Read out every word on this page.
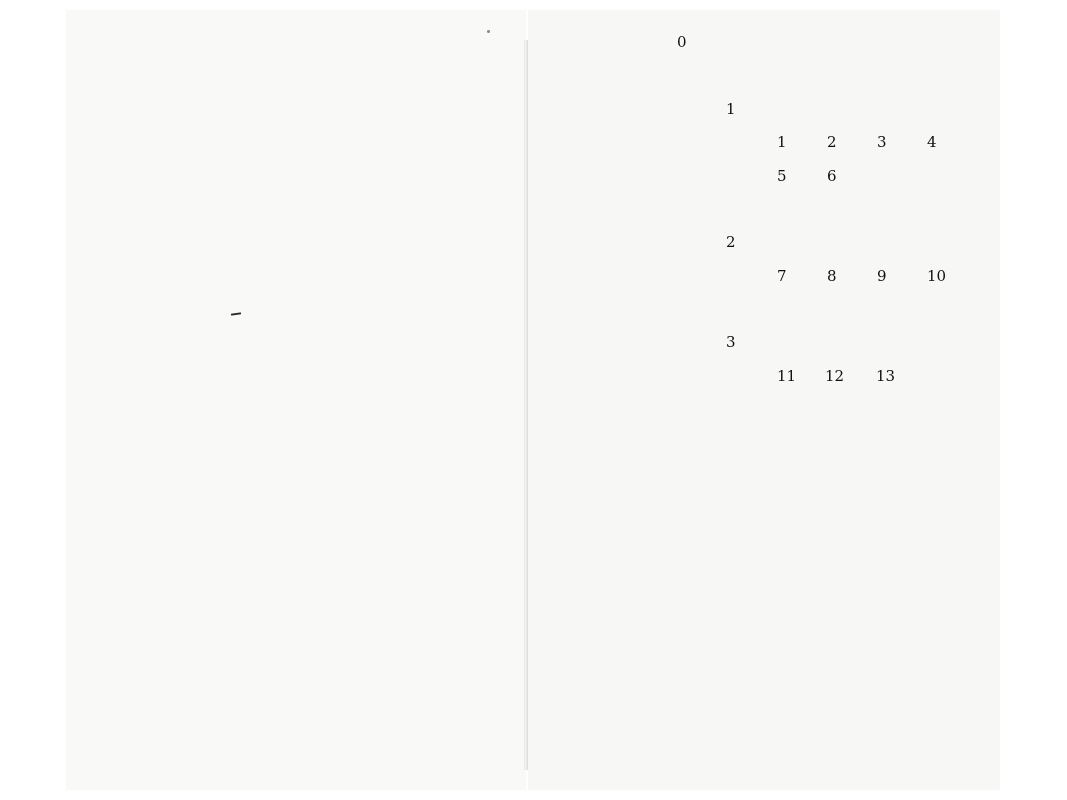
0
1
1	2	3	4
5	6
2
7	8	9	10
3
11 12 13
